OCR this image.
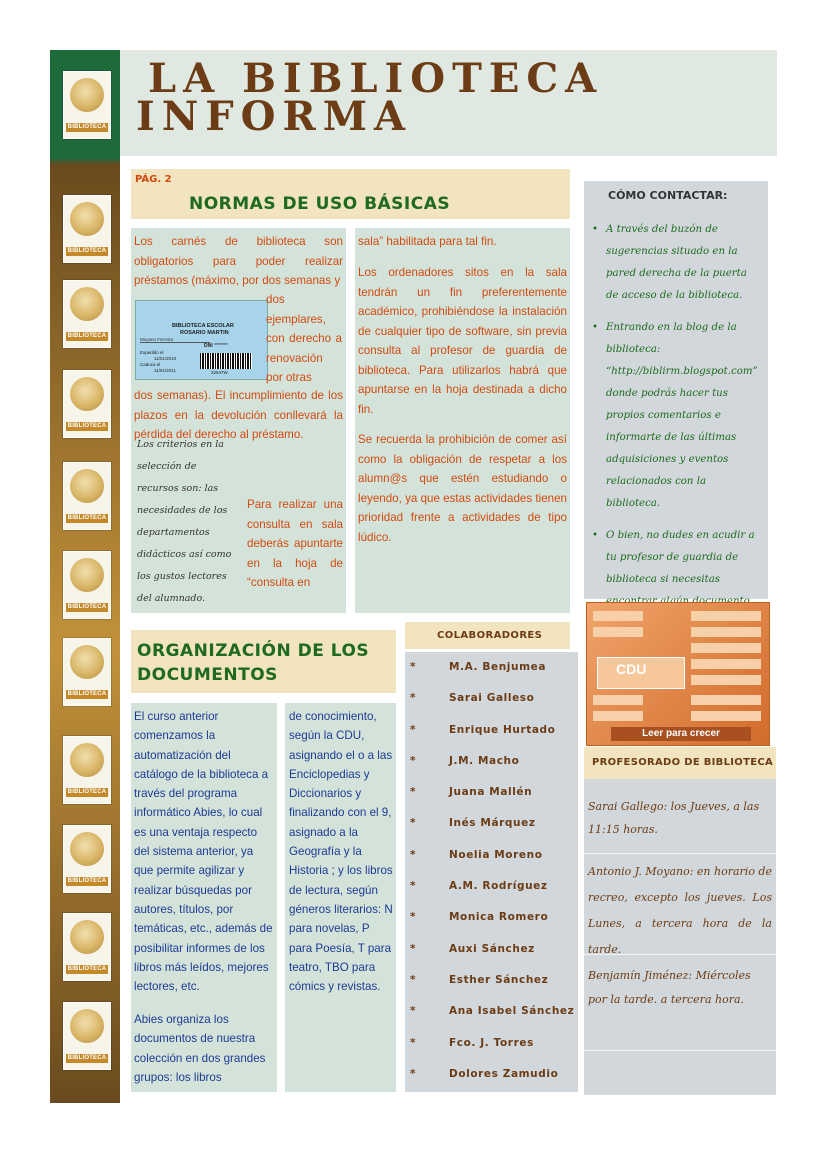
BIBLIOTECA
BIBLIOTECA
BIBLIOTECA
BIBLIOTECA
BIBLIOTECA
BIBLIOTECA
BIBLIOTECA
BIBLIOTECA
BIBLIOTECA
BIBLIOTECA
BIBLIOTECA
LA BIBLIOTECA
INFORMA
PÁG. 2
NORMAS DE USO BÁSICAS

Los carnés de biblioteca son obligatorios para poder realizar préstamos (máximo, por dos semanas y

BIBLIOTECA ESCOLAR
ROSARIO MARTIN
Moyano Ferreira
DNI *******
Expedido el
11/01/2010
Caduca el
11/01/2011	32947W

dos ejemplares, con derecho a renovación por otras

dos semanas). El incumplimiento de los plazos en la devolución conllevará la pérdida del derecho al préstamo.

Los criterios en la selección de recursos son: las necesidades de los departamentos didácticos así como los gustos lectores del alumnado.

Para realizar una consulta en sala deberás apuntarte en la hoja de “consulta en

sala” habilitada para tal fin.

Los ordenadores sitos en la sala tendrán un fin preferentemente académico, prohibiéndose la instalación de cualquier tipo de software, sin previa consulta al profesor de guardia de biblioteca. Para utilizarlos habrá que apuntarse en la hoja destinada a dicho fin.

Se recuerda la prohibición de comer así como la obligación de respetar a los alumn@s que estén estudiando o leyendo, ya que estas actividades tienen prioridad frente a actividades de tipo lúdico.

CÓMO CONTACTAR:
• A través del buzón de sugerencias situado en la pared derecha de la puerta de acceso de la biblioteca.
• Entrando en la blog de la biblioteca: “http://biblirm.blogspot.com” donde podrás hacer tus propios comentarios e informarte de las últimas adquisiciones y eventos relacionados con la biblioteca.
• O bien, no dudes en acudir a tu profesor de guardia de biblioteca si necesitas
CDU
Leer para crecer
ORGANIZACIÓN DE LOS
DOCUMENTOS

El curso anterior comenzamos la automatización del catálogo de la biblioteca a través del programa informático Abies, lo cual es una ventaja respecto del sistema anterior, ya que permite agilizar y realizar búsquedas por autores, títulos, por temáticas, etc., además de posibilitar informes de los libros más leídos, mejores lectores, etc.

Abies organiza los documentos de nuestra colección en dos grandes grupos: los libros

de conocimiento, según la CDU, asignando el o a las Enciclopedias y Diccionarios y finalizando con el 9, asignado a la Geografía y la Historia ; y los libros de lectura, según géneros literarios: N para novelas, P para Poesía, T para teatro, TBO para cómics y revistas.

COLABORADORES
*	M.A. Benjumea
*	Sarai Galleso
*	Enrique Hurtado
*	J.M. Macho
*	Juana Mallén
*	Inés Márquez
*	Noelia Moreno
*	A.M. Rodríguez
*	Monica Romero
*	Auxi Sánchez
*	Esther Sánchez
*	Ana Isabel Sánchez
*	Fco. J. Torres
*	Dolores Zamudio
PROFESORADO DE BIBLIOTECA

Sarai Gallego: los Jueves, a las 11:15 horas.

Antonio J. Moyano: en horario de recreo, excepto los jueves. Los Lunes, a tercera hora de la tarde.

Benjamín Jiménez: Miércoles por la tarde. a tercera hora.
